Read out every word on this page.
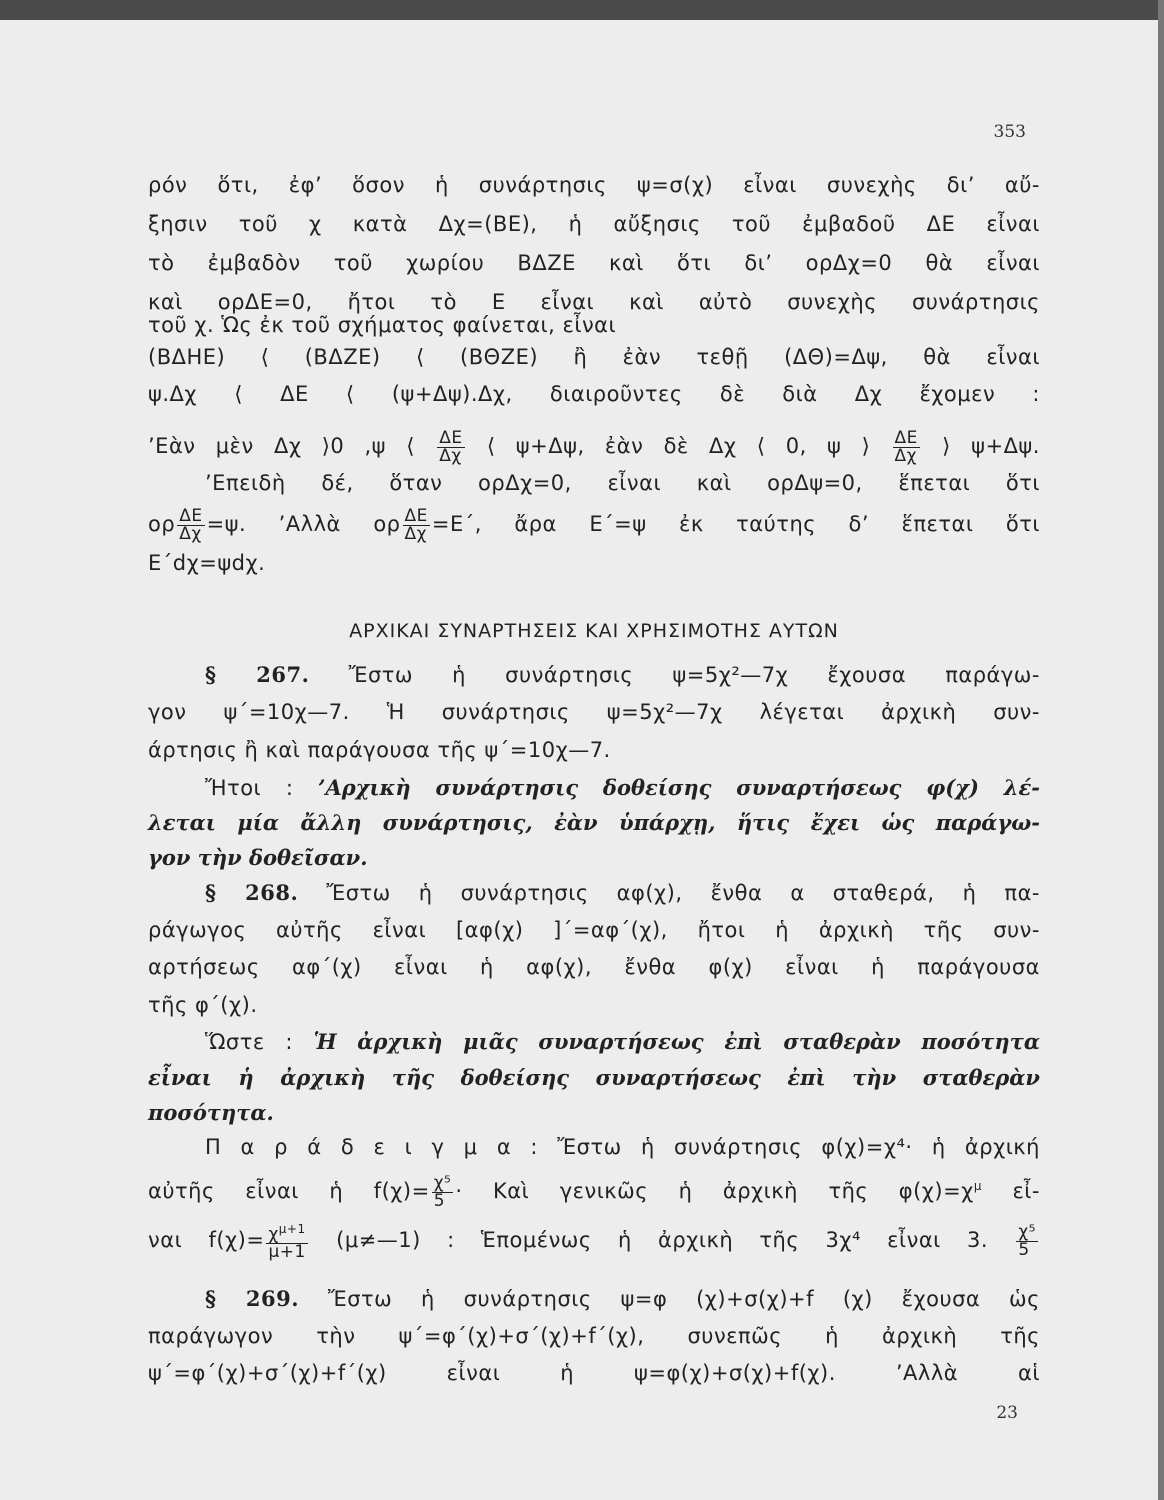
353
ρόν ὅτι, ἐφ’ ὅσον ἡ συνάρτησις ψ=σ(χ) εἶναι συνεχὴς δι’ αὔ-
ξησιν τοῦ χ κατὰ Δχ=(ΒΕ), ἡ αὔξησις τοῦ ἐμβαδοῦ ΔΕ εἶναι
τὸ ἐμβαδὸν τοῦ χωρίου ΒΔΖΕ καὶ ὅτι δι’ ορΔχ=0 θὰ εἶναι
καὶ ορΔΕ=0, ἤτοι τὸ Ε εἶναι καὶ αὐτὸ συνεχὴς συνάρτησις
τοῦ χ. Ὡς ἐκ τοῦ σχήματος φαίνεται, εἶναι
(ΒΔΗΕ) ⟨ (ΒΔΖΕ) ⟨ (ΒΘΖΕ) ἢ ἐὰν τεθῇ (ΔΘ)=Δψ, θὰ εἶναι
ψ.Δχ ⟨ ΔΕ ⟨ (ψ+Δψ).Δχ, διαιροῦντες δὲ διὰ Δχ ἔχομεν :
’Εὰν μὲν Δχ ⟩0 ,ψ ⟨ $\frac{\Delta E}{\Delta\chi}$ ⟨ ψ+Δψ, ἐὰν δὲ Δχ ⟨ 0, ψ ⟩ $\frac{\Delta E}{\Delta\chi}$ ⟩ ψ+Δψ.
’Επειδὴ δέ, ὅταν ορΔχ=0, εἶναι καὶ ορΔψ=0, ἕπεται ὅτι
ορ $\frac{\Delta E}{\Delta\chi} =\psi$. ’Αλλὰ ορ $\frac{\Delta E}{\Delta\chi} =E΄$, ἄρα Ε΄=ψ ἐκ ταύτης δ’ ἕπεται ὅτι
Ε΄dχ=ψdχ.
ΑΡΧΙΚΑΙ ΣΥΝΑΡΤΗΣΕΙΣ ΚΑΙ ΧΡΗΣΙΜΟΤΗΣ ΑΥΤΩΝ
§ 267. Ἔστω ἡ συνάρτησις ψ=5χ²—7χ ἔχουσα παράγω-
γον ψ΄=10χ—7. Ἡ συνάρτησις ψ=5χ²—7χ λέγεται ἀρχικὴ συν-
άρτησις ἢ καὶ παράγουσα τῆς ψ΄=10χ—7.
Ἤτοι : ’Αρχικὴ συνάρτησις δοθείσης συναρτήσεως φ(χ) λέ-
λεται μία ἄλλη συνάρτησις, ἐὰν ὑπάρχῃ, ἥτις ἔχει ὡς παράγω-
γον τὴν δοθεῖσαν.
§ 268. Ἔστω ἡ συνάρτησις αφ(χ), ἔνθα α σταθερά, ἡ πα-
ράγωγος αὐτῆς εἶναι [αφ(χ) ]΄=αφ΄(χ), ἤτοι ἡ ἀρχικὴ τῆς συν-
αρτήσεως αφ΄(χ) εἶναι ἡ αφ(χ), ἔνθα φ(χ) εἶναι ἡ παράγουσα
τῆς φ΄(χ).
Ὥστε : Ἡ ἀρχικὴ μιᾶς συναρτήσεως ἐπὶ σταθερὰν ποσότητα
εἶναι ἡ ἀρχικὴ τῆς δοθείσης συναρτήσεως ἐπὶ τὴν σταθερὰν
ποσότητα.
Π α ρ ά δ ε ι γ μ α : Ἔστω ἡ συνάρτησις φ(χ)=χ⁴· ἡ ἀρχική
αὐτῆς εἶναι ἡ $f(\chi)= \frac{\text{χ⁵}}{5}$ · Καὶ γενικῶς ἡ ἀρχικὴ τῆς $\varphi(\chi)=\chi^\mu$ εἶ-
ναι $f(\chi)= \frac{\chi^{\mu+1}}{\mu+1}$ (μ≠—1) : Ἑπομένως ἡ ἀρχικὴ τῆς 3χ⁴ εἶναι 3. $\frac{\text{χ⁵}}{5}$
§ 269. Ἔστω ἡ συνάρτησις ψ=φ (χ)+σ(χ)+f (χ) ἔχουσα ὡς
παράγωγον τὴν ψ΄=φ΄(χ)+σ΄(χ)+f΄(χ), συνεπῶς ἡ ἀρχικὴ τῆς
ψ΄=φ΄(χ)+σ΄(χ)+f΄(χ) εἶναι ἡ ψ=φ(χ)+σ(χ)+f(χ). ’Αλλὰ αἱ
23
